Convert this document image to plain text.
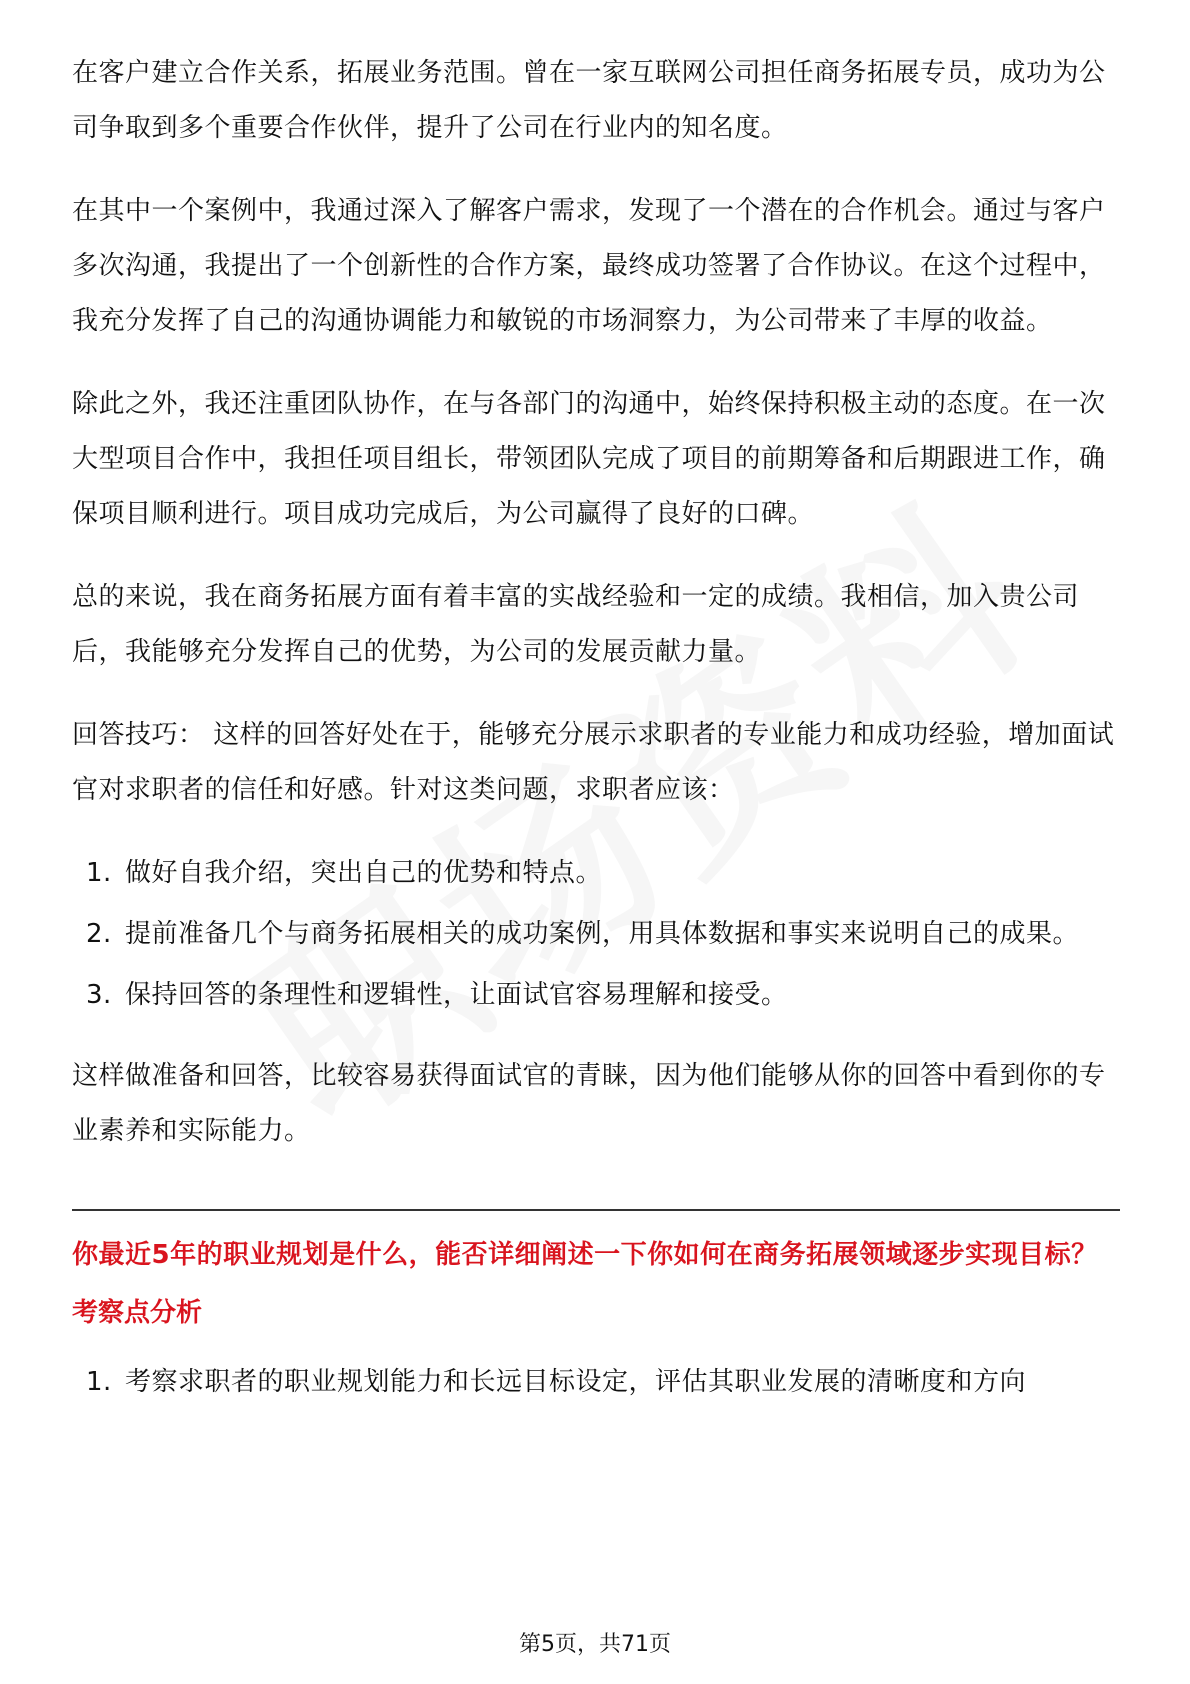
在客户建立合作关系，拓展业务范围。曾在一家互联网公司担任商务拓展专员，成功为公司争取到多个重要合作伙伴，提升了公司在行业内的知名度。

在其中一个案例中，我通过深入了解客户需求，发现了一个潜在的合作机会。通过与客户多次沟通，我提出了一个创新性的合作方案，最终成功签署了合作协议。在这个过程中，我充分发挥了自己的沟通协调能力和敏锐的市场洞察力，为公司带来了丰厚的收益。

除此之外，我还注重团队协作，在与各部门的沟通中，始终保持积极主动的态度。在一次大型项目合作中，我担任项目组长，带领团队完成了项目的前期筹备和后期跟进工作，确保项目顺利进行。项目成功完成后，为公司赢得了良好的口碑。

总的来说，我在商务拓展方面有着丰富的实战经验和一定的成绩。我相信，加入贵公司后，我能够充分发挥自己的优势，为公司的发展贡献力量。

回答技巧： 这样的回答好处在于，能够充分展示求职者的专业能力和成功经验，增加面试官对求职者的信任和好感。针对这类问题，求职者应该：

1. 做好自我介绍，突出自己的优势和特点。
2. 提前准备几个与商务拓展相关的成功案例，用具体数据和事实来说明自己的成果。
3. 保持回答的条理性和逻辑性，让面试官容易理解和接受。

这样做准备和回答，比较容易获得面试官的青睐，因为他们能够从你的回答中看到你的专业素养和实际能力。

你最近5年的职业规划是什么，能否详细阐述一下你如何在商务拓展领域逐步实现目标？
考察点分析
1. 考察求职者的职业规划能力和长远目标设定，评估其职业发展的清晰度和方向
第5页，共71页
